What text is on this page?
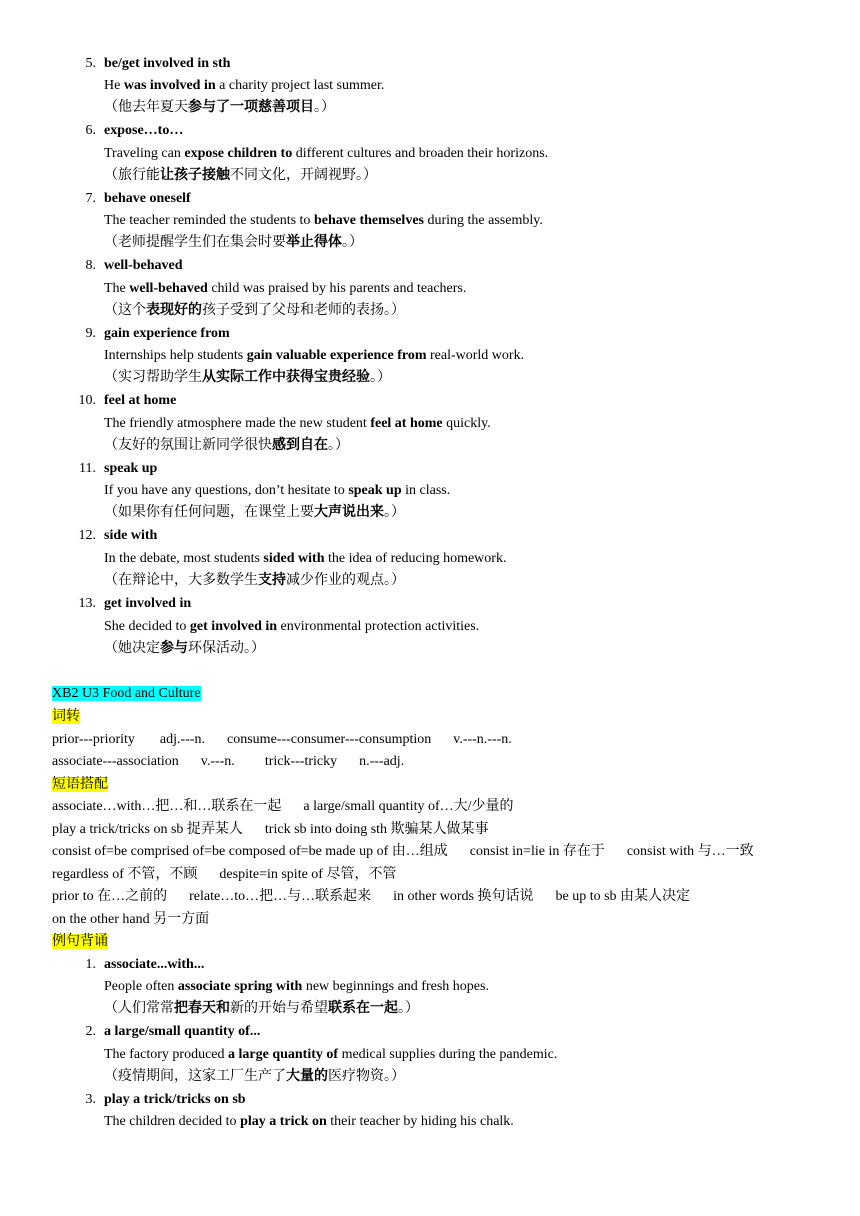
5. be/get involved in sth
He was involved in a charity project last summer.
（他去年夏天参与了一项慈善项目。）
6. expose…to…
Traveling can expose children to different cultures and broaden their horizons.
（旅行能让孩子接触不同文化，开阔视野。）
7. behave oneself
The teacher reminded the students to behave themselves during the assembly.
（老师提醒学生们在集会时要举止得体。）
8. well-behaved
The well-behaved child was praised by his parents and teachers.
（这个表现好的孩子受到了父母和老师的表扬。）
9. gain experience from
Internships help students gain valuable experience from real-world work.
（实习帮助学生从实际工作中获得宝贵经验。）
10. feel at home
The friendly atmosphere made the new student feel at home quickly.
（友好的氛围让新同学很快感到自在。）
11. speak up
If you have any questions, don’t hesitate to speak up in class.
（如果你有任何问题，在课堂上要大声说出来。）
12. side with
In the debate, most students sided with the idea of reducing homework.
（在辩论中，大多数学生支持减少作业的观点。）
13. get involved in
She decided to get involved in environmental protection activities.
（她决定参与环保活动。）
XB2 U3 Food and Culture
词转
prior---priority adj.---n. consume---consumer---consumption v.---n.---n.
associate---association v.---n. trick---tricky n.---adj.
短语搭配
associate…with…把…和…联系在一起 a large/small quantity of…大/少量的
play a trick/tricks on sb 捉弄某人 trick sb into doing sth 欺骗某人做某事
consist of=be comprised of=be composed of=be made up of 由…组成 consist in=lie in 存在于 consist with 与…一致
regardless of 不管，不顾 despite=in spite of 尽管，不管
prior to 在…之前的 relate…to…把…与…联系起来 in other words 换句话说 be up to sb 由某人决定
on the other hand 另一方面
例句背诵
1. associate...with...
People often associate spring with new beginnings and fresh hopes.
（人们常常把春天和新的开始与希望联系在一起。）
2. a large/small quantity of...
The factory produced a large quantity of medical supplies during the pandemic.
（疫情期间，这家工厂生产了大量的医疗物资。）
3. play a trick/tricks on sb
The children decided to play a trick on their teacher by hiding his chalk.
